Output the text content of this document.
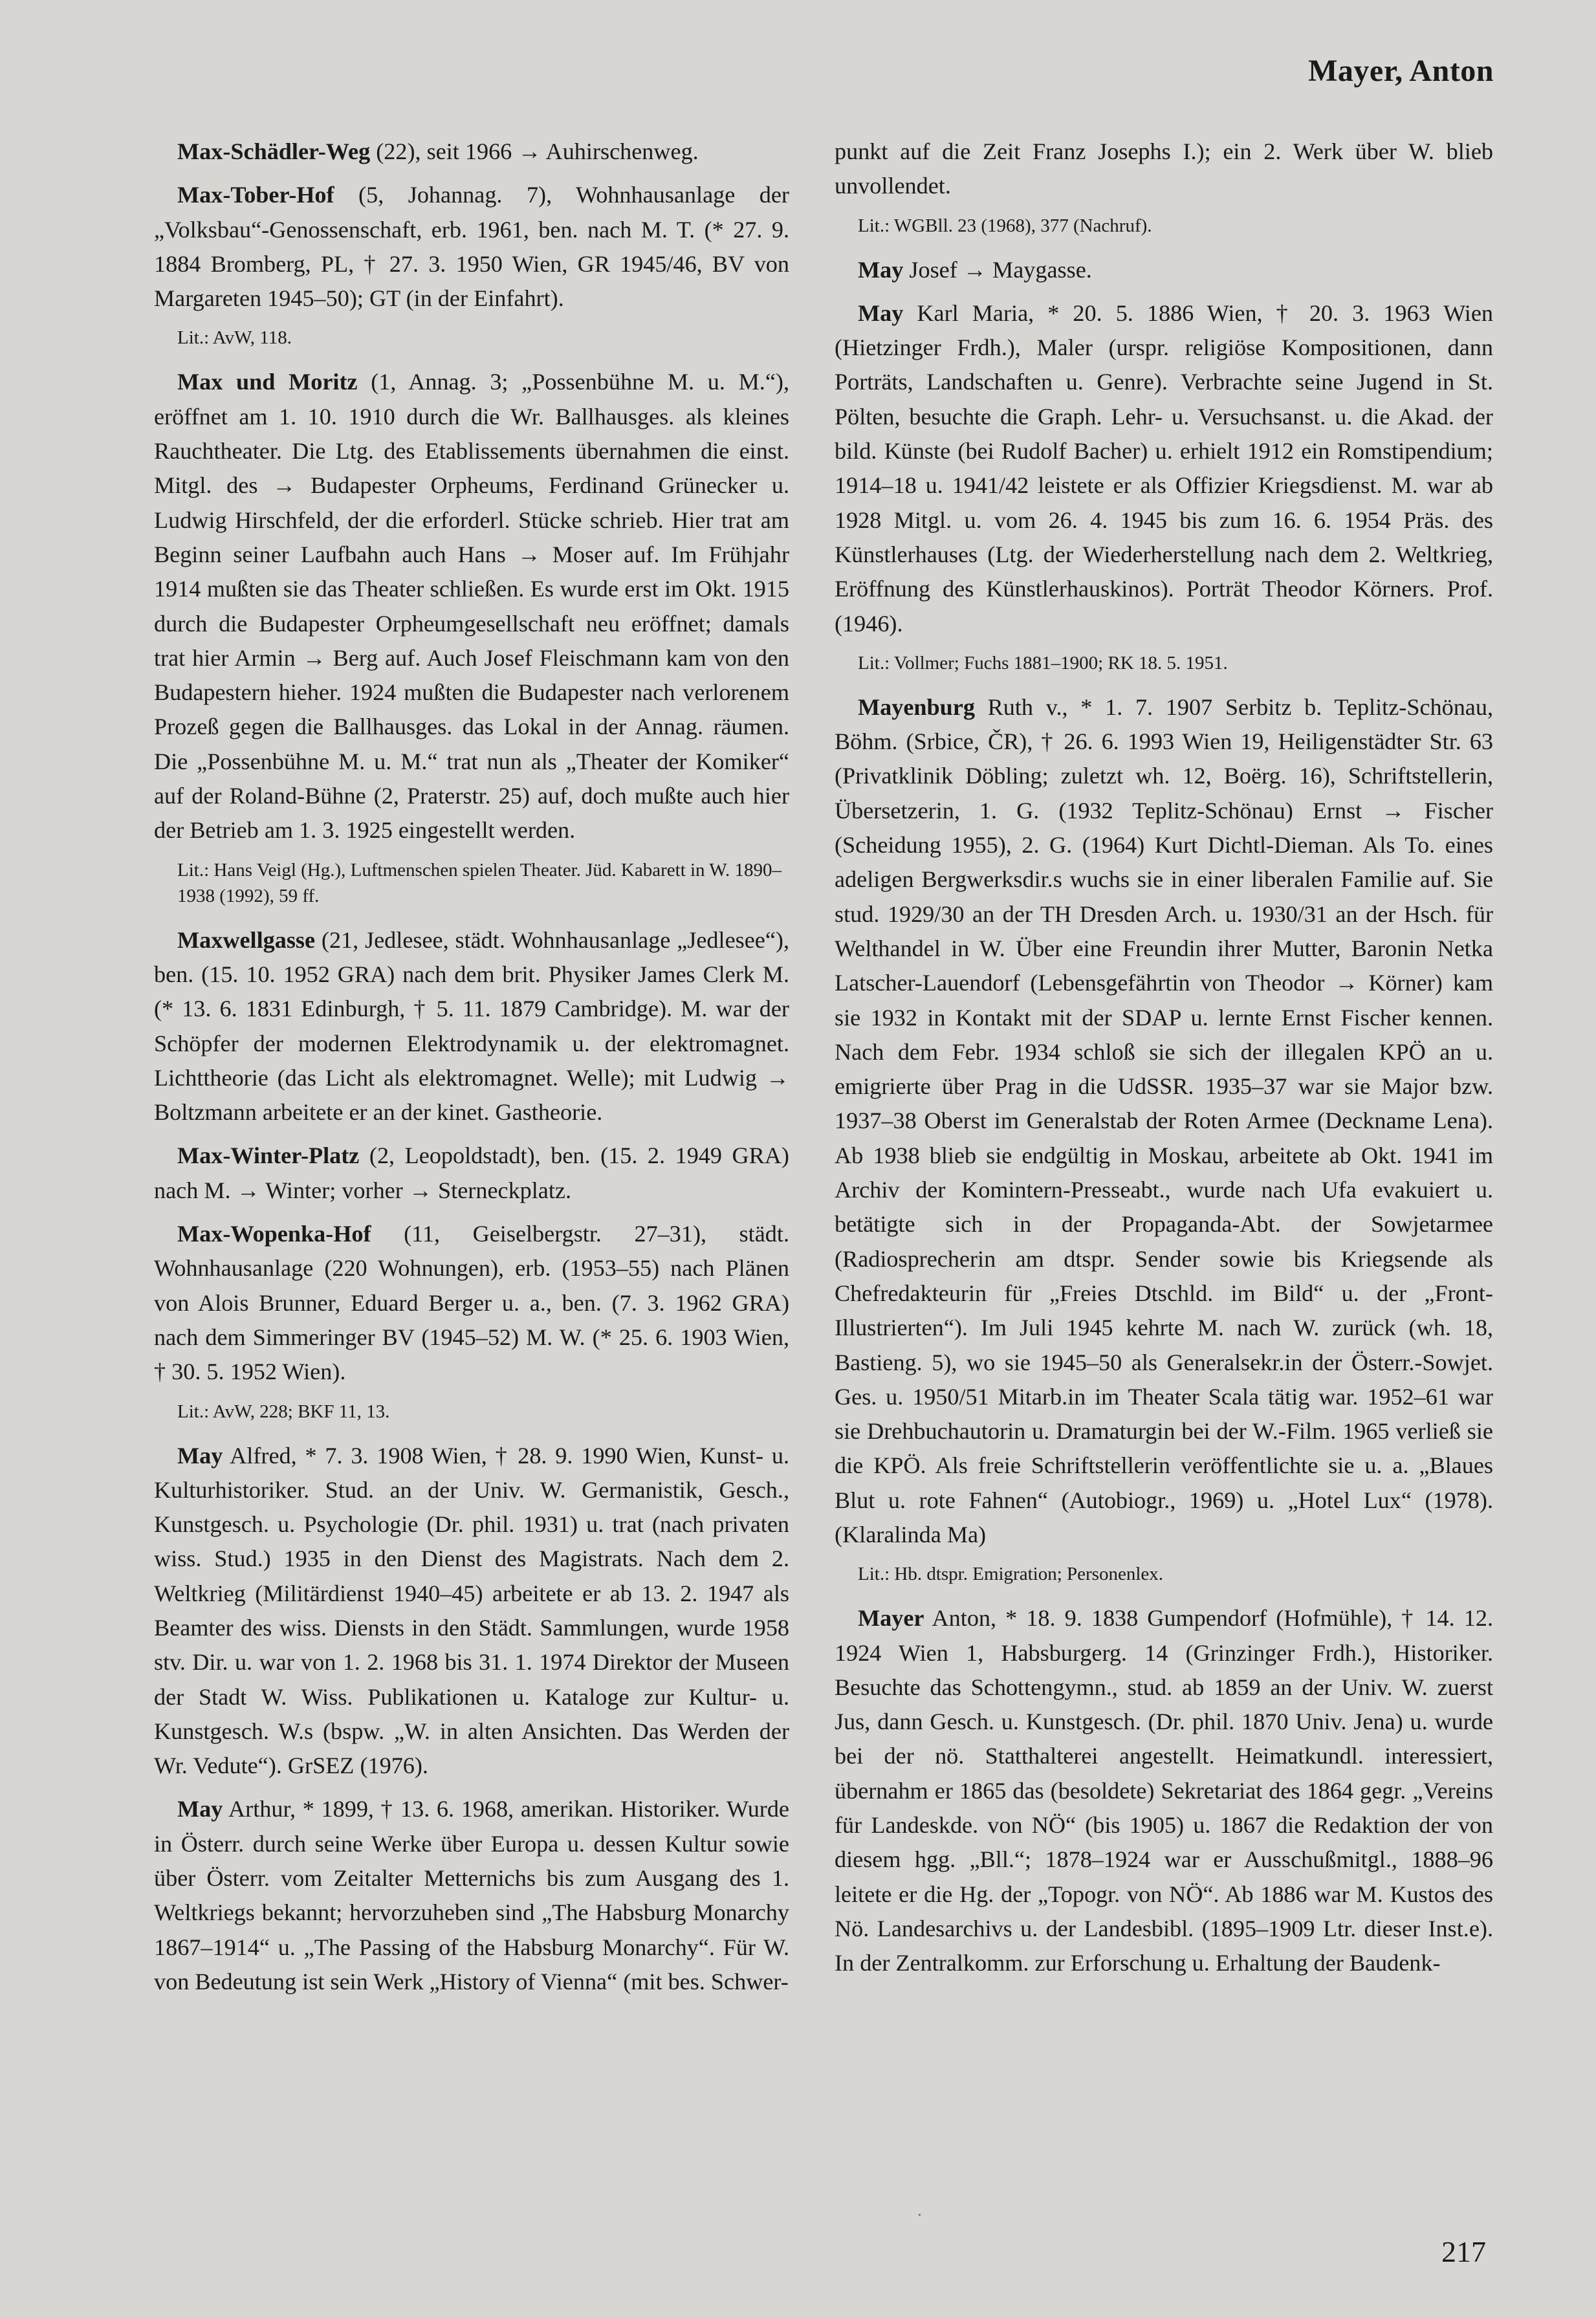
Mayer, Anton

Max-Schädler-Weg (22), seit 1966 → Auhirschenweg.

Max-Tober-Hof (5, Johannag. 7), Wohnhausanlage der „Volksbau“-Genossenschaft, erb. 1961, ben. nach M. T. (* 27. 9. 1884 Bromberg, PL, † 27. 3. 1950 Wien, GR 1945/46, BV von Margareten 1945–50); GT (in der Einfahrt).

Lit.: AvW, 118.

Max und Moritz (1, Annag. 3; „Possenbühne M. u. M.“), eröffnet am 1. 10. 1910 durch die Wr. Ballhausges. als kleines Rauchtheater. Die Ltg. des Etablissements übernahmen die einst. Mitgl. des → Budapester Orpheums, Ferdinand Grünecker u. Ludwig Hirschfeld, der die erforderl. Stücke schrieb. Hier trat am Beginn seiner Laufbahn auch Hans → Moser auf. Im Frühjahr 1914 mußten sie das Theater schließen. Es wurde erst im Okt. 1915 durch die Budapester Orpheumgesellschaft neu eröffnet; damals trat hier Armin → Berg auf. Auch Josef Fleischmann kam von den Budapestern hieher. 1924 mußten die Budapester nach verlorenem Prozeß gegen die Ballhausges. das Lokal in der Annag. räumen. Die „Possenbühne M. u. M.“ trat nun als „Theater der Komiker“ auf der Roland-Bühne (2, Praterstr. 25) auf, doch mußte auch hier der Betrieb am 1. 3. 1925 eingestellt werden.

Lit.: Hans Veigl (Hg.), Luftmenschen spielen Theater. Jüd. Kabarett in W. 1890–1938 (1992), 59 ff.

Maxwellgasse (21, Jedlesee, städt. Wohnhausanlage „Jedlesee“), ben. (15. 10. 1952 GRA) nach dem brit. Physiker James Clerk M. (* 13. 6. 1831 Edinburgh, † 5. 11. 1879 Cambridge). M. war der Schöpfer der modernen Elektrodynamik u. der elektromagnet. Lichttheorie (das Licht als elektromagnet. Welle); mit Ludwig → Boltzmann arbeitete er an der kinet. Gastheorie.

Max-Winter-Platz (2, Leopoldstadt), ben. (15. 2. 1949 GRA) nach M. → Winter; vorher → Sterneckplatz.

Max-Wopenka-Hof (11, Geiselbergstr. 27–31), städt. Wohnhausanlage (220 Wohnungen), erb. (1953–55) nach Plänen von Alois Brunner, Eduard Berger u. a., ben. (7. 3. 1962 GRA) nach dem Simmeringer BV (1945–52) M. W. (* 25. 6. 1903 Wien, † 30. 5. 1952 Wien).

Lit.: AvW, 228; BKF 11, 13.

May Alfred, * 7. 3. 1908 Wien, † 28. 9. 1990 Wien, Kunst- u. Kulturhistoriker. Stud. an der Univ. W. Germanistik, Gesch., Kunstgesch. u. Psychologie (Dr. phil. 1931) u. trat (nach privaten wiss. Stud.) 1935 in den Dienst des Magistrats. Nach dem 2. Weltkrieg (Militärdienst 1940–45) arbeitete er ab 13. 2. 1947 als Beamter des wiss. Diensts in den Städt. Sammlungen, wurde 1958 stv. Dir. u. war von 1. 2. 1968 bis 31. 1. 1974 Direktor der Museen der Stadt W. Wiss. Publikationen u. Kataloge zur Kultur- u. Kunstgesch. W.s (bspw. „W. in alten Ansichten. Das Werden der Wr. Vedute“). GrSEZ (1976).

May Arthur, * 1899, † 13. 6. 1968, amerikan. Historiker. Wurde in Österr. durch seine Werke über Europa u. dessen Kultur sowie über Österr. vom Zeitalter Metternichs bis zum Ausgang des 1. Weltkriegs bekannt; hervorzuheben sind „The Habsburg Monarchy 1867–1914“ u. „The Passing of the Habsburg Monarchy“. Für W. von Bedeutung ist sein Werk „History of Vienna“ (mit bes. Schwer-

punkt auf die Zeit Franz Josephs I.); ein 2. Werk über W. blieb unvollendet.

Lit.: WGBll. 23 (1968), 377 (Nachruf).

May Josef → Maygasse.

May Karl Maria, * 20. 5. 1886 Wien, † 20. 3. 1963 Wien (Hietzinger Frdh.), Maler (urspr. religiöse Kompositionen, dann Porträts, Landschaften u. Genre). Verbrachte seine Jugend in St. Pölten, besuchte die Graph. Lehr- u. Versuchsanst. u. die Akad. der bild. Künste (bei Rudolf Bacher) u. erhielt 1912 ein Romstipendium; 1914–18 u. 1941/42 leistete er als Offizier Kriegsdienst. M. war ab 1928 Mitgl. u. vom 26. 4. 1945 bis zum 16. 6. 1954 Präs. des Künstlerhauses (Ltg. der Wiederherstellung nach dem 2. Weltkrieg, Eröffnung des Künstlerhauskinos). Porträt Theodor Körners. Prof. (1946).

Lit.: Vollmer; Fuchs 1881–1900; RK 18. 5. 1951.

Mayenburg Ruth v., * 1. 7. 1907 Serbitz b. Teplitz-Schönau, Böhm. (Srbice, ČR), † 26. 6. 1993 Wien 19, Heiligenstädter Str. 63 (Privatklinik Döbling; zuletzt wh. 12, Boërg. 16), Schriftstellerin, Übersetzerin, 1. G. (1932 Teplitz-Schönau) Ernst → Fischer (Scheidung 1955), 2. G. (1964) Kurt Dichtl-Dieman. Als To. eines adeligen Bergwerksdir.s wuchs sie in einer liberalen Familie auf. Sie stud. 1929/30 an der TH Dresden Arch. u. 1930/31 an der Hsch. für Welthandel in W. Über eine Freundin ihrer Mutter, Baronin Netka Latscher-Lauendorf (Lebensgefährtin von Theodor → Körner) kam sie 1932 in Kontakt mit der SDAP u. lernte Ernst Fischer kennen. Nach dem Febr. 1934 schloß sie sich der illegalen KPÖ an u. emigrierte über Prag in die UdSSR. 1935–37 war sie Major bzw. 1937–38 Oberst im Generalstab der Roten Armee (Deckname Lena). Ab 1938 blieb sie endgültig in Moskau, arbeitete ab Okt. 1941 im Archiv der Komintern-Presseabt., wurde nach Ufa evakuiert u. betätigte sich in der Propaganda-Abt. der Sowjetarmee (Radiosprecherin am dtspr. Sender sowie bis Kriegsende als Chefredakteurin für „Freies Dtschld. im Bild“ u. der „Front-Illustrierten“). Im Juli 1945 kehrte M. nach W. zurück (wh. 18, Bastieng. 5), wo sie 1945–50 als Generalsekr.in der Österr.-Sowjet. Ges. u. 1950/51 Mitarb.in im Theater Scala tätig war. 1952–61 war sie Drehbuchautorin u. Dramaturgin bei der W.-Film. 1965 verließ sie die KPÖ. Als freie Schriftstellerin veröffentlichte sie u. a. „Blaues Blut u. rote Fahnen“ (Autobiogr., 1969) u. „Hotel Lux“ (1978). (Klaralinda Ma)

Lit.: Hb. dtspr. Emigration; Personenlex.

Mayer Anton, * 18. 9. 1838 Gumpendorf (Hofmühle), † 14. 12. 1924 Wien 1, Habsburgerg. 14 (Grinzinger Frdh.), Historiker. Besuchte das Schottengymn., stud. ab 1859 an der Univ. W. zuerst Jus, dann Gesch. u. Kunstgesch. (Dr. phil. 1870 Univ. Jena) u. wurde bei der nö. Statthalterei angestellt. Heimatkundl. interessiert, übernahm er 1865 das (besoldete) Sekretariat des 1864 gegr. „Vereins für Landeskde. von NÖ“ (bis 1905) u. 1867 die Redaktion der von diesem hgg. „Bll.“; 1878–1924 war er Ausschußmitgl., 1888–96 leitete er die Hg. der „Topogr. von NÖ“. Ab 1886 war M. Kustos des Nö. Landesarchivs u. der Landesbibl. (1895–1909 Ltr. dieser Inst.e). In der Zentralkomm. zur Erforschung u. Erhaltung der Baudenk-

217
